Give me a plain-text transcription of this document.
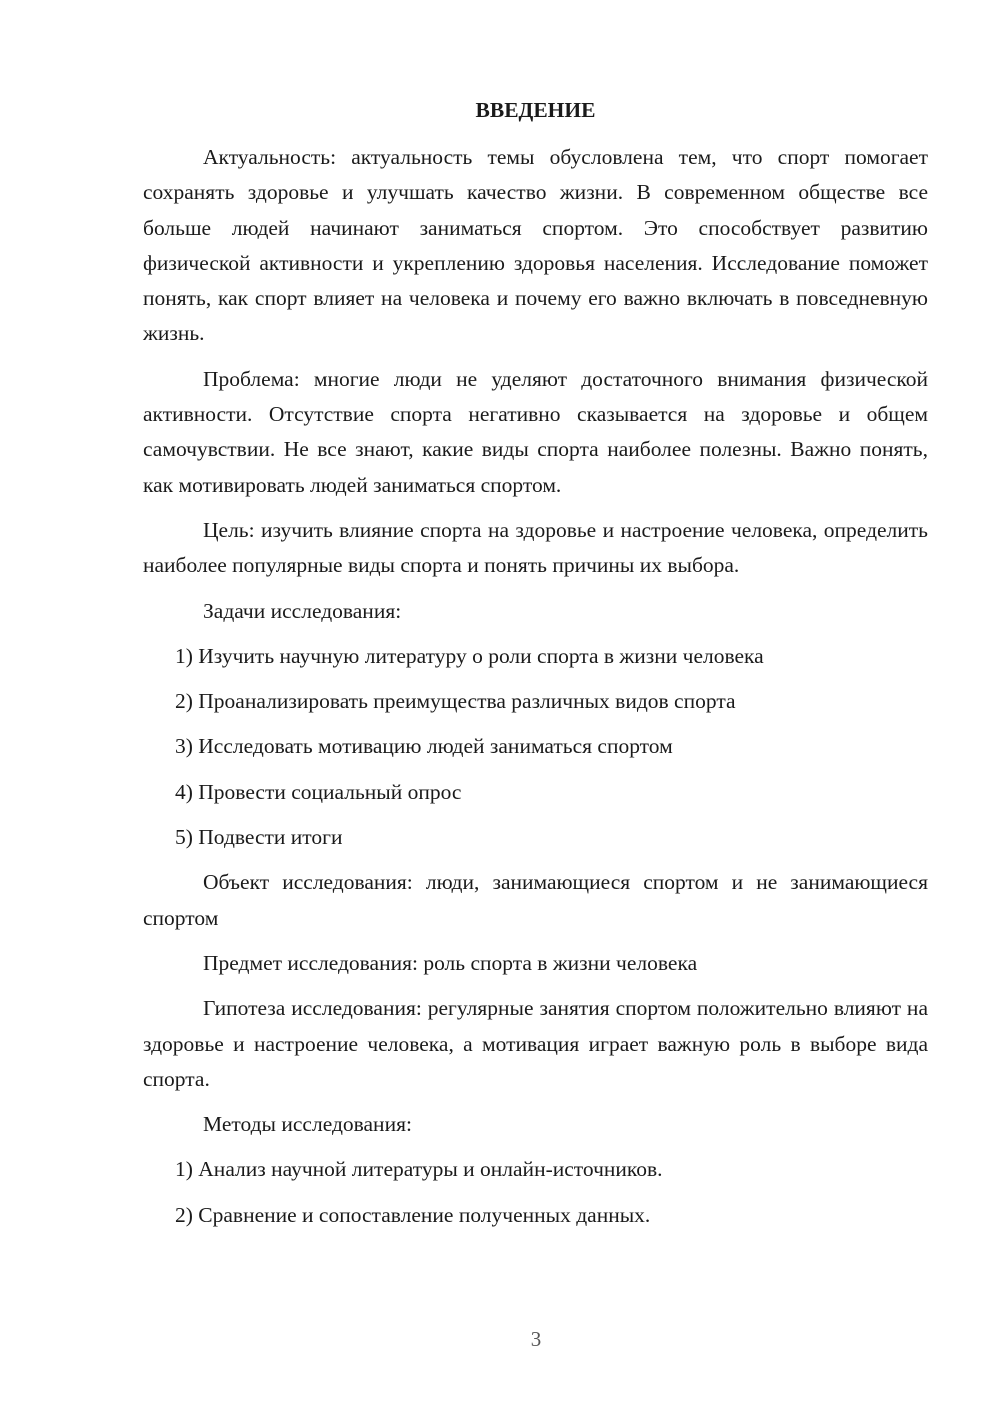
ВВЕДЕНИЕ

Актуальность: актуальность темы обусловлена тем, что спорт помогает сохранять здоровье и улучшать качество жизни. В современном обществе все больше людей начинают заниматься спортом. Это способствует развитию физической активности и укреплению здоровья населения. Исследование поможет понять, как спорт влияет на человека и почему его важно включать в повседневную жизнь.

Проблема: многие люди не уделяют достаточного внимания физической активности. Отсутствие спорта негативно сказывается на здоровье и общем самочувствии. Не все знают, какие виды спорта наиболее полезны. Важно понять, как мотивировать людей заниматься спортом.

Цель: изучить влияние спорта на здоровье и настроение человека, определить наиболее популярные виды спорта и понять причины их выбора.

Задачи исследования:

1) Изучить научную литературу о роли спорта в жизни человека
2) Проанализировать преимущества различных видов спорта
3) Исследовать мотивацию людей заниматься спортом
4) Провести социальный опрос
5) Подвести итоги

Объект исследования: люди, занимающиеся спортом и не занимающиеся спортом

Предмет исследования: роль спорта в жизни человека

Гипотеза исследования: регулярные занятия спортом положительно влияют на здоровье и настроение человека, а мотивация играет важную роль в выборе вида спорта.

Методы исследования:

1) Анализ научной литературы и онлайн-источников.
2) Сравнение и сопоставление полученных данных.
3
